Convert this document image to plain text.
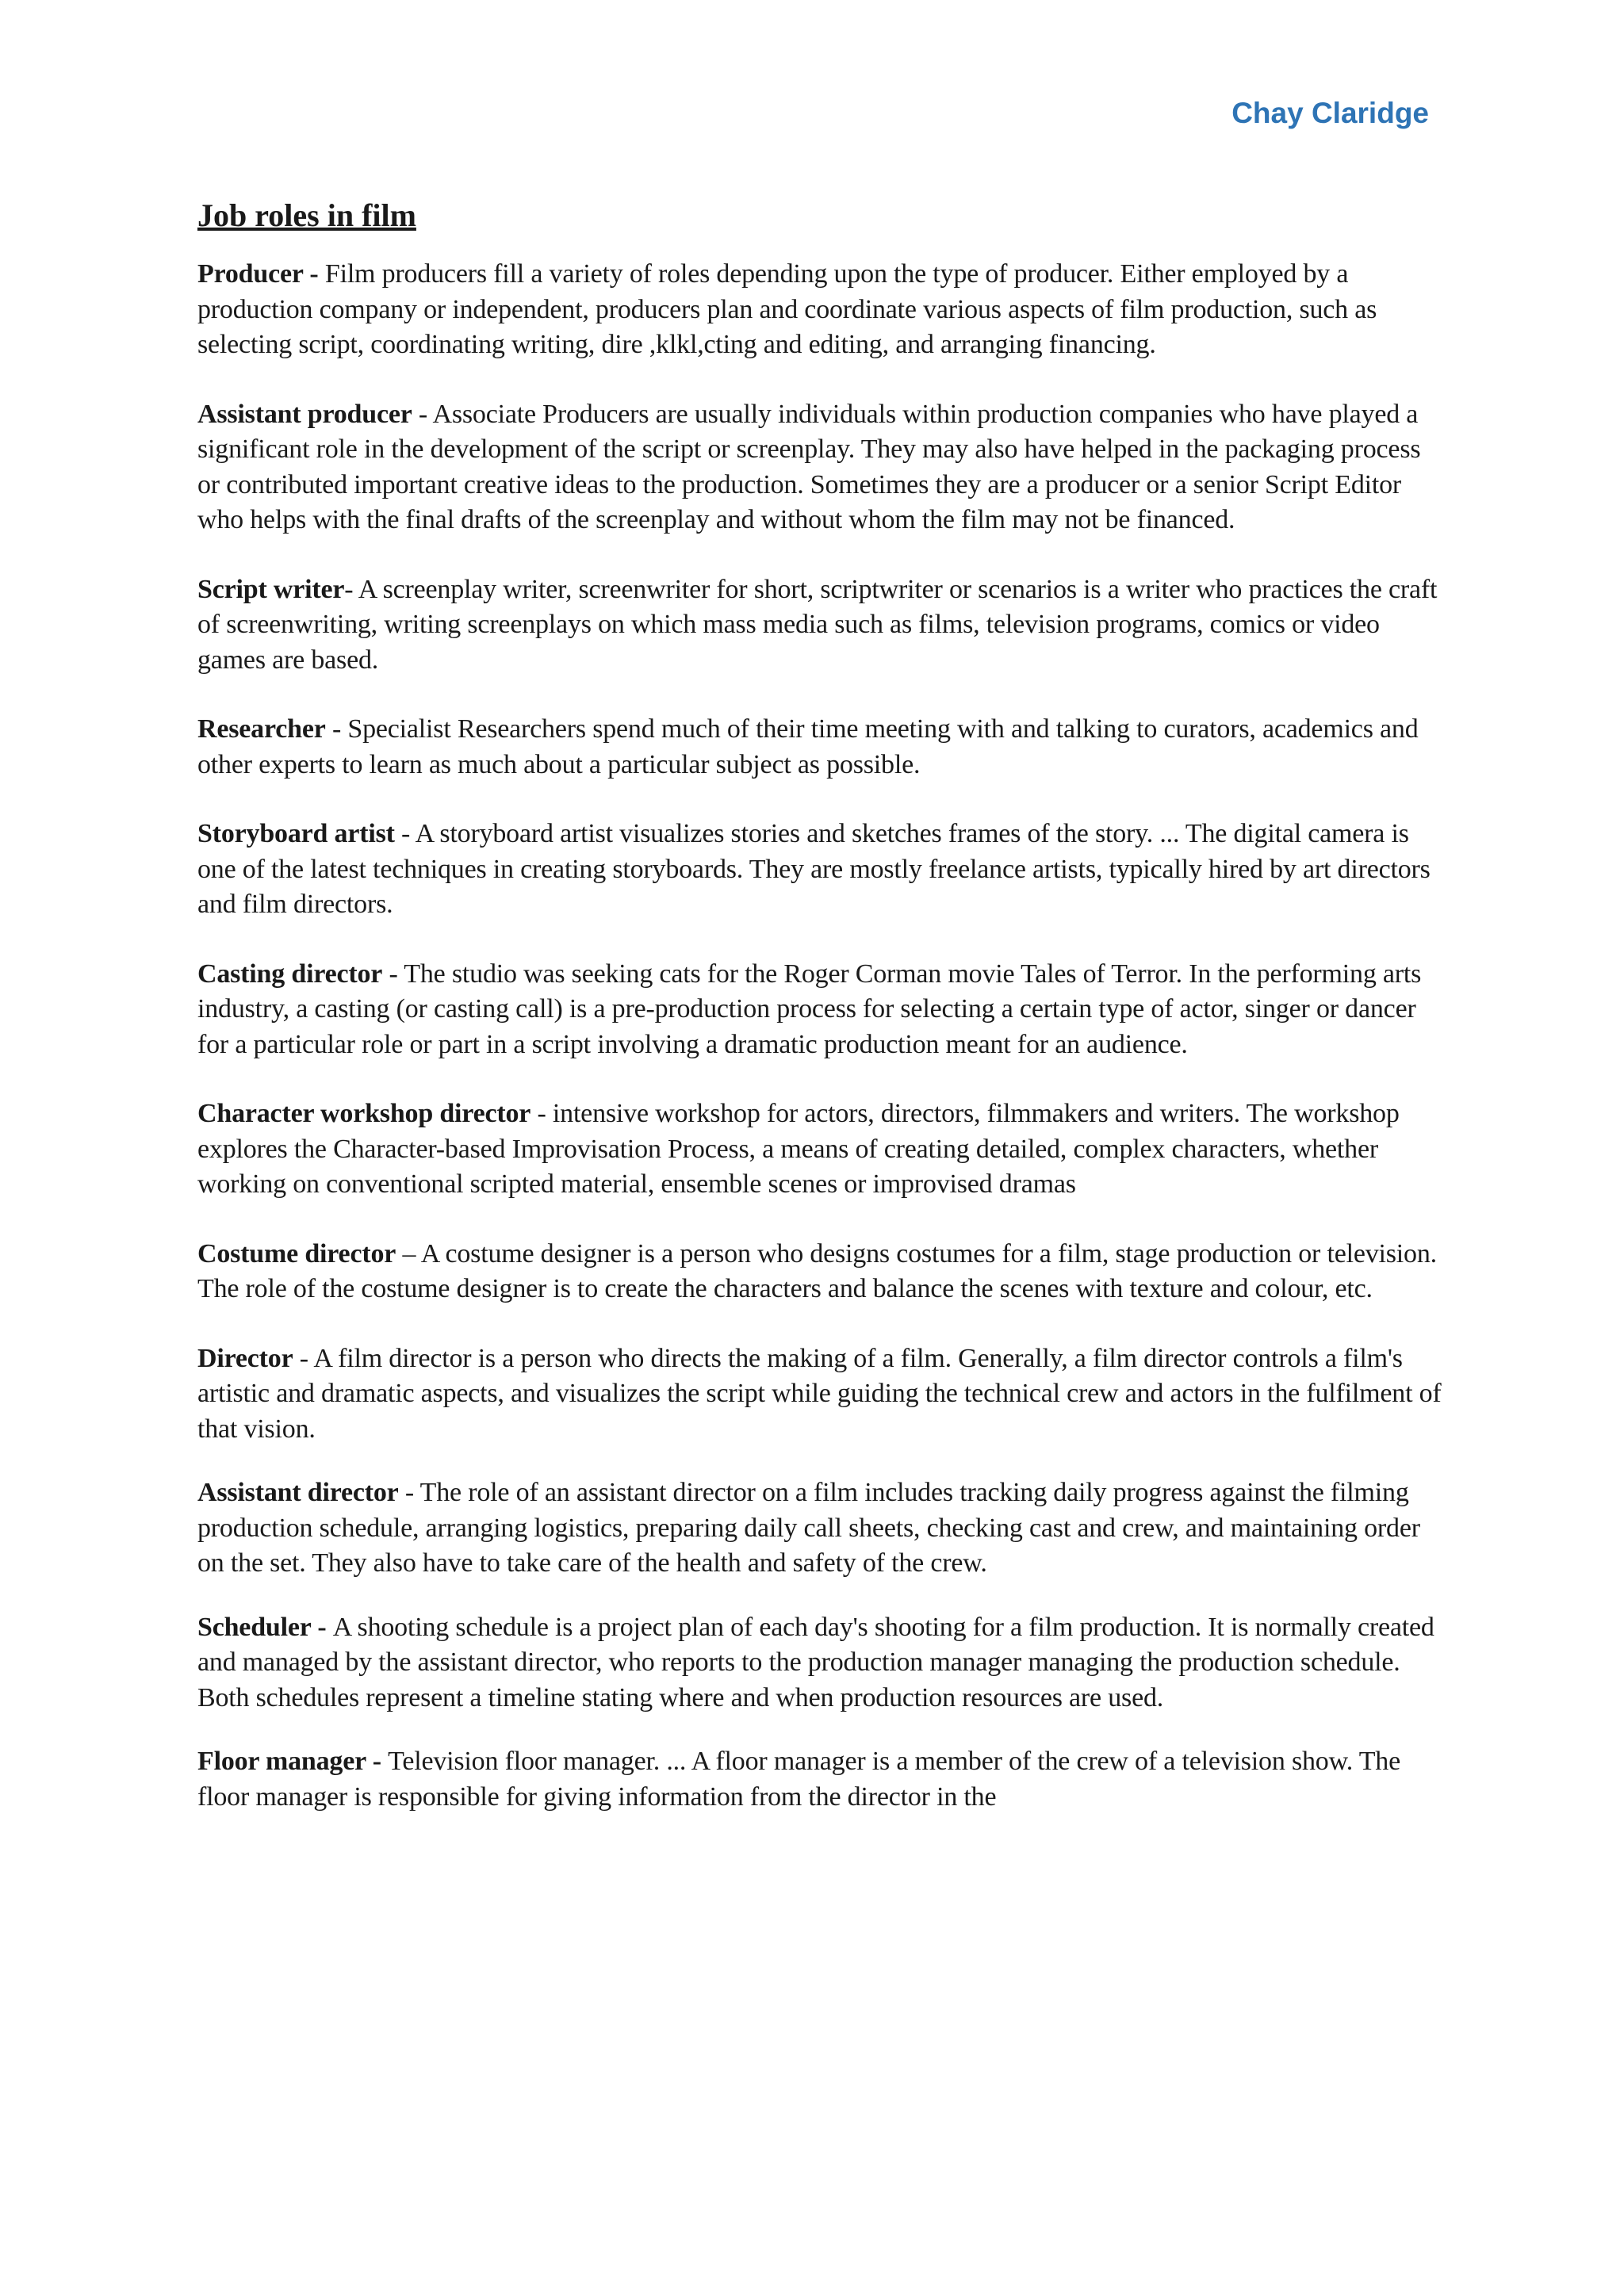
Chay Claridge
Job roles in film

Producer - Film producers fill a variety of roles depending upon the type of producer. Either employed by a production company or independent, producers plan and coordinate various aspects of film production, such as selecting script, coordinating writing, dire ,klkl,cting and editing, and arranging financing.

Assistant producer - Associate Producers are usually individuals within production companies who have played a significant role in the development of the script or screenplay. They may also have helped in the packaging process or contributed important creative ideas to the production. Sometimes they are a producer or a senior Script Editor who helps with the final drafts of the screenplay and without whom the film may not be financed.

Script writer- A screenplay writer, screenwriter for short, scriptwriter or scenarios is a writer who practices the craft of screenwriting, writing screenplays on which mass media such as films, television programs, comics or video games are based.

Researcher - Specialist Researchers spend much of their time meeting with and talking to curators, academics and other experts to learn as much about a particular subject as possible.

Storyboard artist - A storyboard artist visualizes stories and sketches frames of the story. ... The digital camera is one of the latest techniques in creating storyboards. They are mostly freelance artists, typically hired by art directors and film directors.

Casting director - The studio was seeking cats for the Roger Corman movie Tales of Terror. In the performing arts industry, a casting (or casting call) is a pre-production process for selecting a certain type of actor, singer or dancer for a particular role or part in a script involving a dramatic production meant for an audience.

Character workshop director - intensive workshop for actors, directors, filmmakers and writers. The workshop explores the Character-based Improvisation Process, a means of creating detailed, complex characters, whether working on conventional scripted material, ensemble scenes or improvised dramas

Costume director – A costume designer is a person who designs costumes for a film, stage production or television. The role of the costume designer is to create the characters and balance the scenes with texture and colour, etc.

Director - A film director is a person who directs the making of a film. Generally, a film director controls a film's artistic and dramatic aspects, and visualizes the script while guiding the technical crew and actors in the fulfilment of that vision.

Assistant director - The role of an assistant director on a film includes tracking daily progress against the filming production schedule, arranging logistics, preparing daily call sheets, checking cast and crew, and maintaining order on the set. They also have to take care of the health and safety of the crew.

Scheduler - A shooting schedule is a project plan of each day's shooting for a film production. It is normally created and managed by the assistant director, who reports to the production manager managing the production schedule. Both schedules represent a timeline stating where and when production resources are used.

Floor manager - Television floor manager. ... A floor manager is a member of the crew of a television show. The floor manager is responsible for giving information from the director in the
